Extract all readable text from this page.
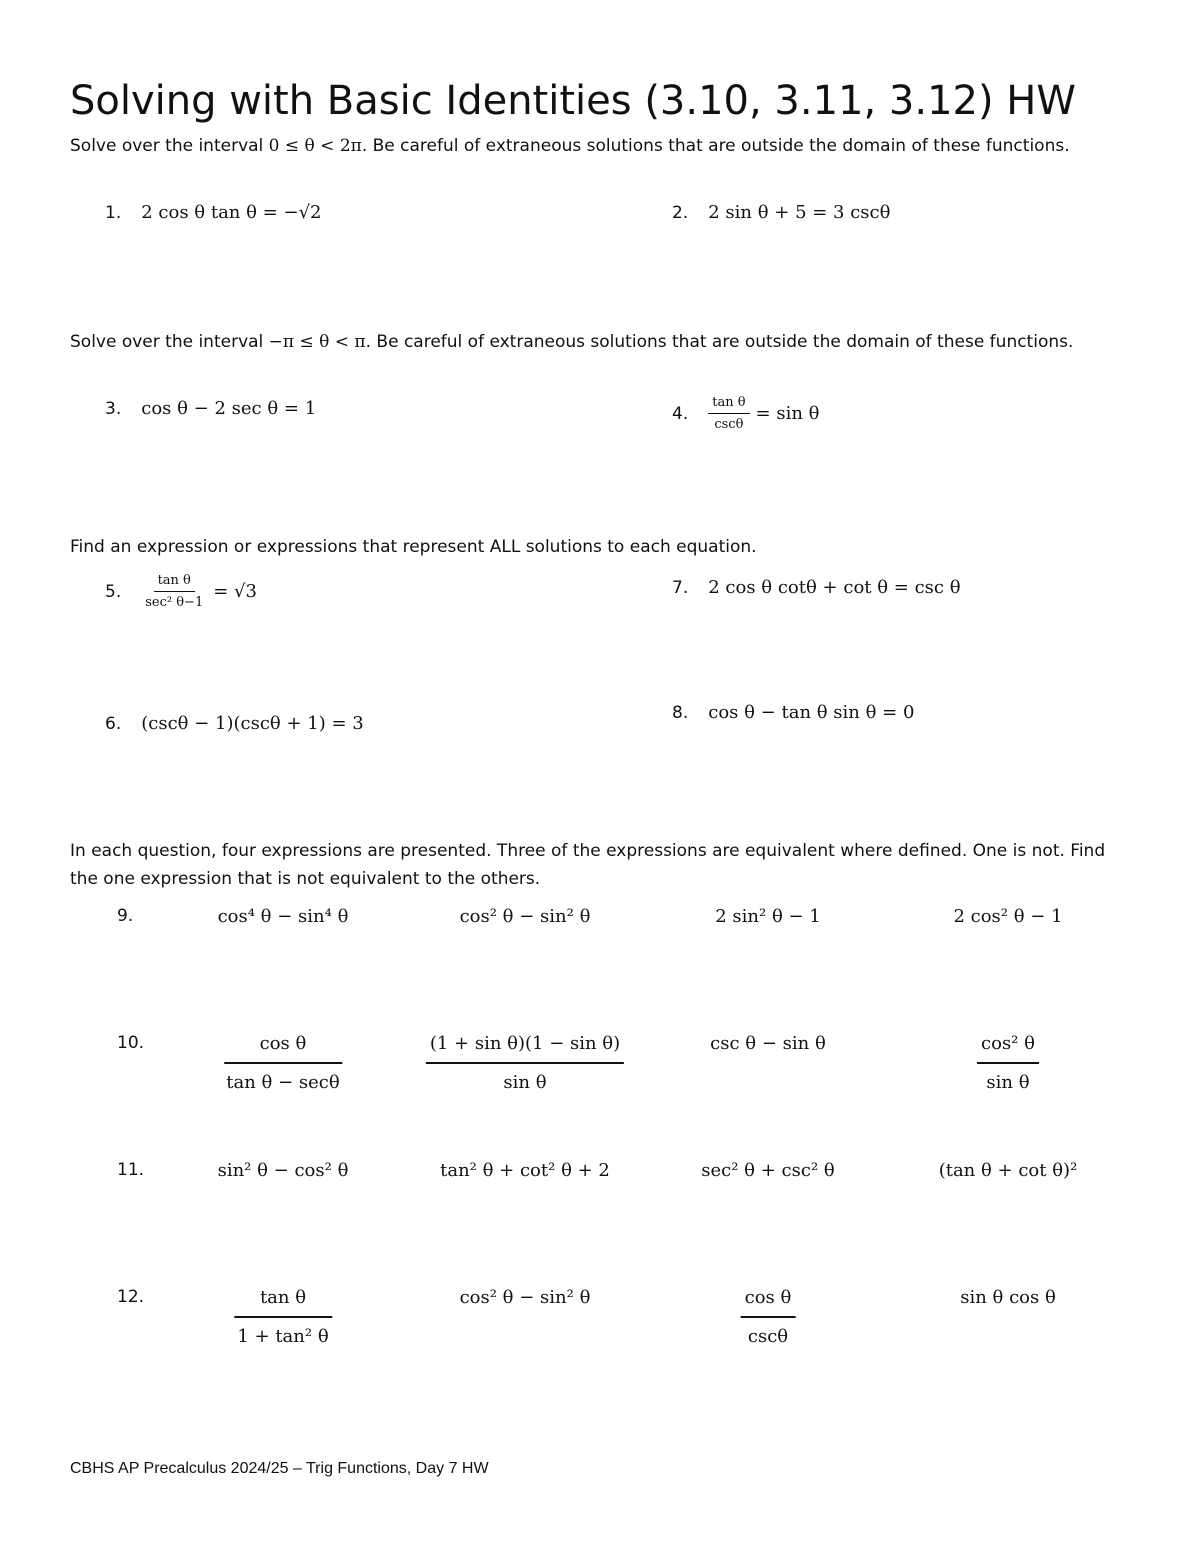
Solving with Basic Identities (3.10, 3.11, 3.12) HW
Solve over the interval 0 ≤ θ < 2π. Be careful of extraneous solutions that are outside the domain of these functions.
1. 2 cos θ tan θ = −√2	2. 2 sin θ + 5 = 3 cscθ
Solve over the interval −π ≤ θ < π. Be careful of extraneous solutions that are outside the domain of these functions.
3. cos θ − 2 sec θ = 1	4. $\frac{\text{tan θ}}{\csc\theta} = \sin \theta$
Find an expression or expressions that represent ALL solutions to each equation.
5. $\frac{\text{tan θ}}{\text{sec² θ−1}} = √3$	7. 2 cos θ cotθ + cot θ = csc θ
6. (cscθ − 1)(cscθ + 1) = 3
8. cos θ − tan θ sin θ = 0
In each question, four expressions are presented. Three of the expressions are equivalent where defined. One is not. Find the one expression that is not equivalent to the others.
9.	cos⁴ θ − sin⁴ θ	cos² θ − sin² θ	2 sin² θ − 1	2 cos² θ − 1
10.	$\frac{\text{cos θ}}{\text{tan θ − secθ}}$	$\frac{\text{(1 + sin θ)(1 − sin θ)}}{\text{sin θ}}$	csc θ − sin θ	$\frac{\text{cos² θ}}{\text{sin θ}}$
11.	sin² θ − cos² θ	tan² θ + cot² θ + 2	sec² θ + csc² θ	(tan θ + cot θ)²
12.	$\frac{\text{tan θ}}{\text{1 + tan² θ}}$	cos² θ − sin² θ	$\frac{\text{cos θ}}{\csc\theta}$	sin θ cos θ
CBHS AP Precalculus 2024/25 – Trig Functions, Day 7 HW
